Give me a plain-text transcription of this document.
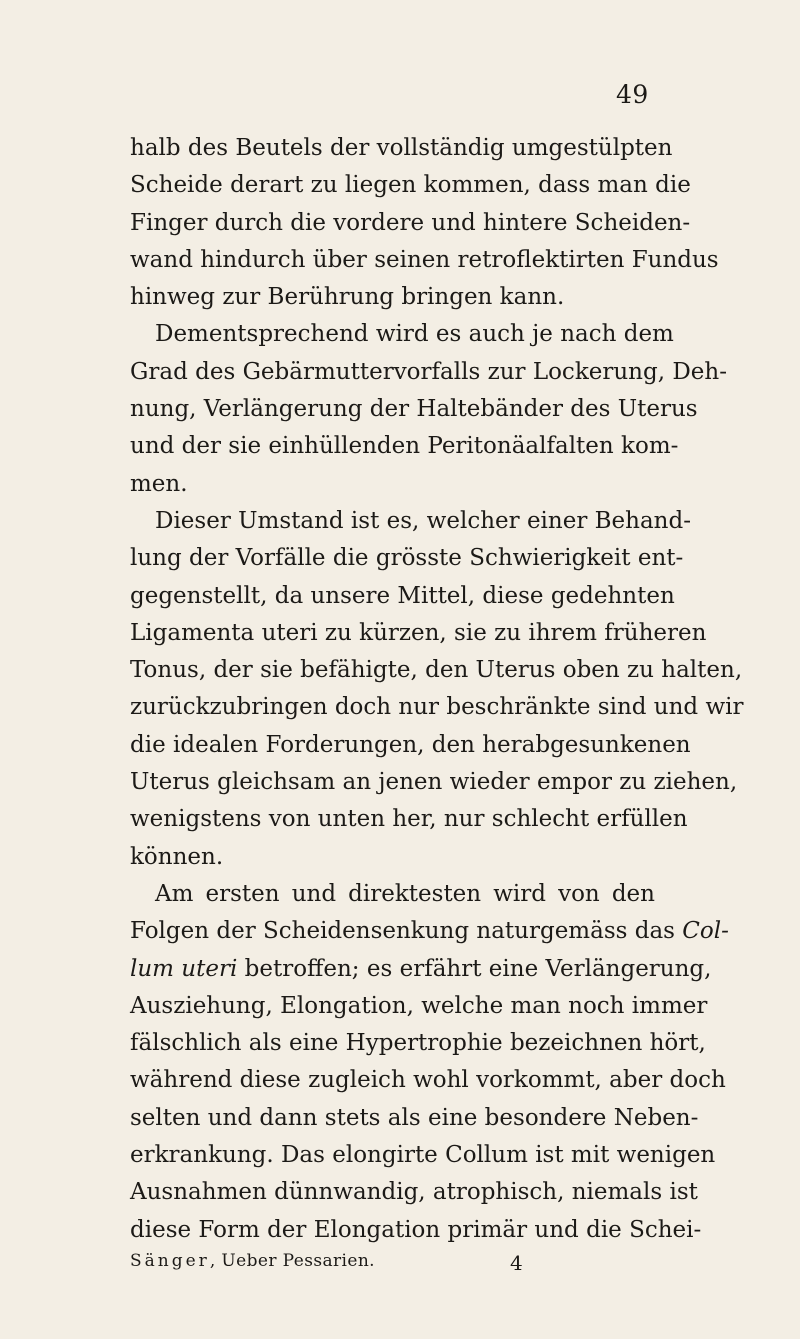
49
halb des Beutels der vollständig umgestülpten
Scheide derart zu liegen kommen, dass man die
Finger durch die vordere und hintere Scheiden-
wand hindurch über seinen retroflektirten Fundus
hinweg zur Berührung bringen kann.
Dementsprechend wird es auch je nach dem
Grad des Gebärmuttervorfalls zur Lockerung, Deh-
nung, Verlängerung der Haltebänder des Uterus
und der sie einhüllenden Peritonäalfalten kom-
men.
Dieser Umstand ist es, welcher einer Behand-
lung der Vorfälle die grösste Schwierigkeit ent-
gegenstellt, da unsere Mittel, diese gedehnten
Ligamenta uteri zu kürzen, sie zu ihrem früheren
Tonus, der sie befähigte, den Uterus oben zu halten,
zurückzubringen doch nur beschränkte sind und wir
die idealen Forderungen, den herabgesunkenen
Uterus gleichsam an jenen wieder empor zu ziehen,
wenigstens von unten her, nur schlecht erfüllen
können.
Am ersten und direktesten wird von den
Folgen der Scheidensenkung naturgemäss das Col-
lum uteri betroffen; es erfährt eine Verlängerung,
Ausziehung, Elongation, welche man noch immer
fälschlich als eine Hypertrophie bezeichnen hört,
während diese zugleich wohl vorkommt, aber doch
selten und dann stets als eine besondere Neben-
erkrankung. Das elongirte Collum ist mit wenigen
Ausnahmen dünnwandig, atrophisch, niemals ist
diese Form der Elongation primär und die Schei-
Sänger, Ueber Pessarien.	4
